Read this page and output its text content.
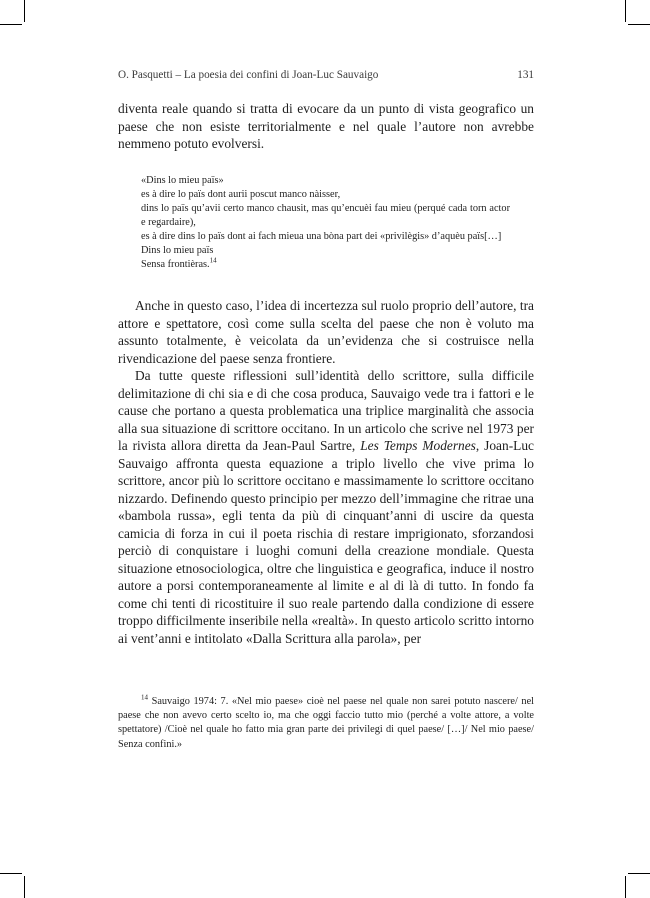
O. Pasquetti – La poesia dei confini di Joan-Luc Sauvaigo	131

diventa reale quando si tratta di evocare da un punto di vista geografico un paese che non esiste territorialmente e nel quale l’autore non avrebbe nemmeno potuto evolversi.

«Dins lo mieu païs»
es à dire lo païs dont aurii poscut manco nàisser,
dins lo païs qu’avii certo manco chausit, mas qu’encuèi fau mieu (perqué cada torn actor e regardaire),
es à dire dins lo païs dont ai fach mieua una bòna part dei «privilègis» d’aquèu païs[…]
Dins lo mieu païs
Sensa frontièras.$^{14}$

Anche in questo caso, l’idea di incertezza sul ruolo proprio dell’autore, tra attore e spettatore, così come sulla scelta del paese che non è voluto ma assunto totalmente, è veicolata da un’evidenza che si costruisce nella rivendicazione del paese senza frontiere.

Da tutte queste riflessioni sull’identità dello scrittore, sulla difficile delimitazione di chi sia e di che cosa produca, Sauvaigo vede tra i fattori e le cause che portano a questa problematica una triplice marginalità che associa alla sua situazione di scrittore occitano. In un articolo che scrive nel 1973 per la rivista allora diretta da Jean-Paul Sartre, Les Temps Modernes, Joan-Luc Sauvaigo affronta questa equazione a triplo livello che vive prima lo scrittore, ancor più lo scrittore occitano e massimamente lo scrittore occitano nizzardo. Definendo questo principio per mezzo dell’immagine che ritrae una «bambola russa», egli tenta da più di cinquant’anni di uscire da questa camicia di forza in cui il poeta rischia di restare imprigionato, sforzandosi perciò di conquistare i luoghi comuni della creazione mondiale. Questa situazione etnosociologica, oltre che linguistica e geografica, induce il nostro autore a porsi contemporaneamente al limite e al di là di tutto. In fondo fa come chi tenti di ricostituire il suo reale partendo dalla condizione di essere troppo difficilmente inseribile nella «realtà». In questo articolo scritto intorno ai vent’anni e intitolato «Dalla Scrittura alla parola», per

$^{14}$ Sauvaigo 1974: 7. «Nel mio paese» cioè nel paese nel quale non sarei potuto nascere/ nel paese che non avevo certo scelto io, ma che oggi faccio tutto mio (perché a volte attore, a volte spettatore) /Cioè nel quale ho fatto mia gran parte dei privilegi di quel paese/ […]/ Nel mio paese/ Senza confini.»
